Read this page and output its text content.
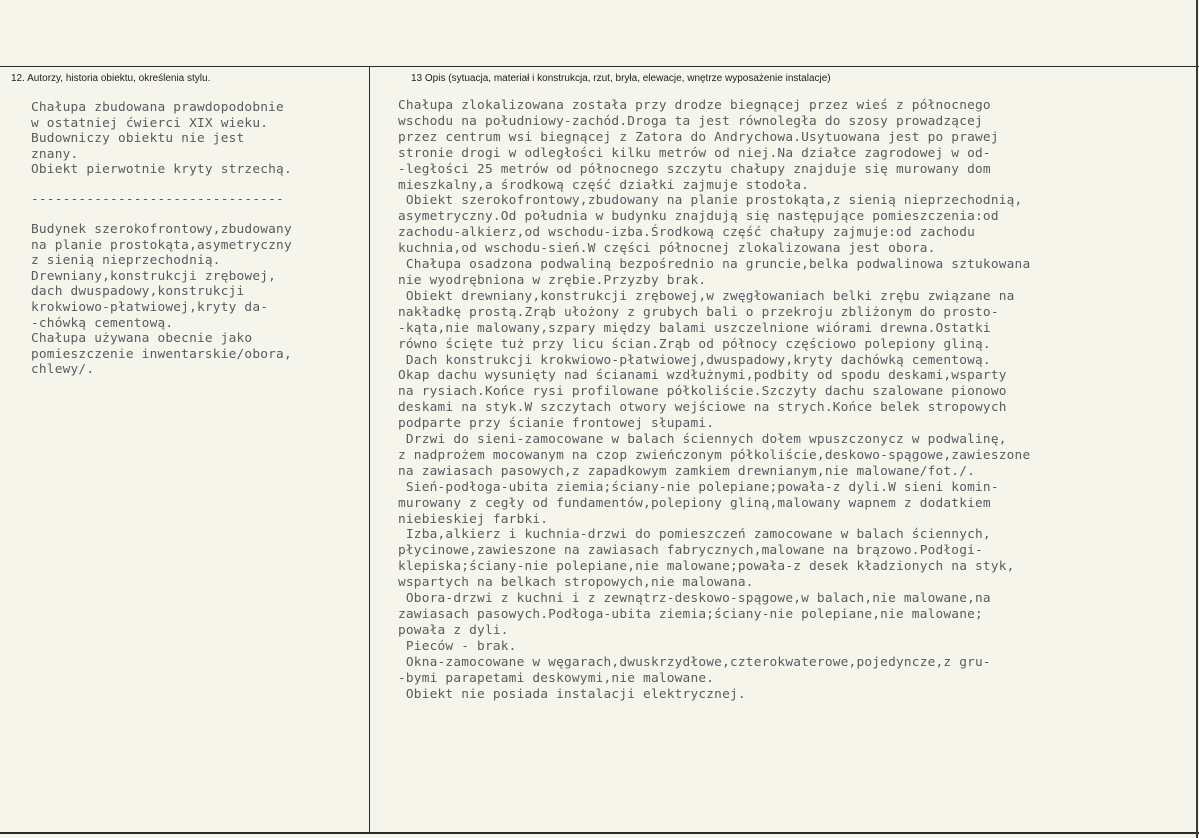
12. Autorzy, historia obiektu, określenia stylu.	13 Opis (sytuacja, materiał i konstrukcja, rzut, bryła, elewacje, wnętrze wyposażenie instalacje)
Chałupa zbudowana prawdopodobnie
w ostatniej ćwierci XIX wieku.
Budowniczy obiektu nie jest
znany.
Obiekt pierwotnie kryty strzechą.
--------------------------------
Budynek szerokofrontowy,zbudowany
na planie prostokąta,asymetryczny
z sienią nieprzechodnią.
Drewniany,konstrukcji zrębowej,
dach dwuspadowy,konstrukcji
krokwiowo-płatwiowej,kryty da-
-chówką cementową.
Chałupa używana obecnie jako
pomieszczenie inwentarskie/obora,
chlewy/.
Chałupa zlokalizowana została przy drodze biegnącej przez wieś z północnego
wschodu na południowy-zachód.Droga ta jest równoległa do szosy prowadzącej
przez centrum wsi biegnącej z Zatora do Andrychowa.Usytuowana jest po prawej
stronie drogi w odległości kilku metrów od niej.Na działce zagrodowej w od-
-ległości 25 metrów od północnego szczytu chałupy znajduje się murowany dom
mieszkalny,a środkową część działki zajmuje stodoła.
Obiekt szerokofrontowy,zbudowany na planie prostokąta,z sienią nieprzechodnią,
asymetryczny.Od południa w budynku znajdują się następujące pomieszczenia:od
zachodu-alkierz,od wschodu-izba.Środkową część chałupy zajmuje:od zachodu
kuchnia,od wschodu-sień.W części północnej zlokalizowana jest obora.
Chałupa osadzona podwaliną bezpośrednio na gruncie,belka podwalinowa sztukowana
nie wyodrębniona w zrębie.Przyzby brak.
Obiekt drewniany,konstrukcji zrębowej,w zwęgłowaniach belki zrębu związane na
nakładkę prostą.Zrąb ułożony z grubych bali o przekroju zbliżonym do prosto-
-kąta,nie malowany,szpary między balami uszczelnione wiórami drewna.Ostatki
równo ścięte tuż przy licu ścian.Zrąb od północy częściowo polepiony gliną.
Dach konstrukcji krokwiowo-płatwiowej,dwuspadowy,kryty dachówką cementową.
Okap dachu wysunięty nad ścianami wzdłużnymi,podbity od spodu deskami,wsparty
na rysiach.Końce rysi profilowane półkoliście.Szczyty dachu szalowane pionowo
deskami na styk.W szczytach otwory wejściowe na strych.Końce belek stropowych
podparte przy ścianie frontowej słupami.
Drzwi do sieni-zamocowane w balach ściennych dołem wpuszczonycz w podwalinę,
z nadprożem mocowanym na czop zwieńczonym półkoliście,deskowo-spągowe,zawieszone
na zawiasach pasowych,z zapadkowym zamkiem drewnianym,nie malowane/fot./.
Sień-podłoga-ubita ziemia;ściany-nie polepiane;powała-z dyli.W sieni komin-
murowany z cegły od fundamentów,polepiony gliną,malowany wapnem z dodatkiem
niebieskiej farbki.
Izba,alkierz i kuchnia-drzwi do pomieszczeń zamocowane w balach ściennych,
płycinowe,zawieszone na zawiasach fabrycznych,malowane na brązowo.Podłogi-
klepiska;ściany-nie polepiane,nie malowane;powała-z desek kładzionych na styk,
wspartych na belkach stropowych,nie malowana.
Obora-drzwi z kuchni i z zewnątrz-deskowo-spągowe,w balach,nie malowane,na
zawiasach pasowych.Podłoga-ubita ziemia;ściany-nie polepiane,nie malowane;
powała z dyli.
Pieców - brak.
Okna-zamocowane w węgarach,dwuskrzydłowe,czterokwaterowe,pojedyncze,z gru-
-bymi parapetami deskowymi,nie malowane.
Obiekt nie posiada instalacji elektrycznej.
